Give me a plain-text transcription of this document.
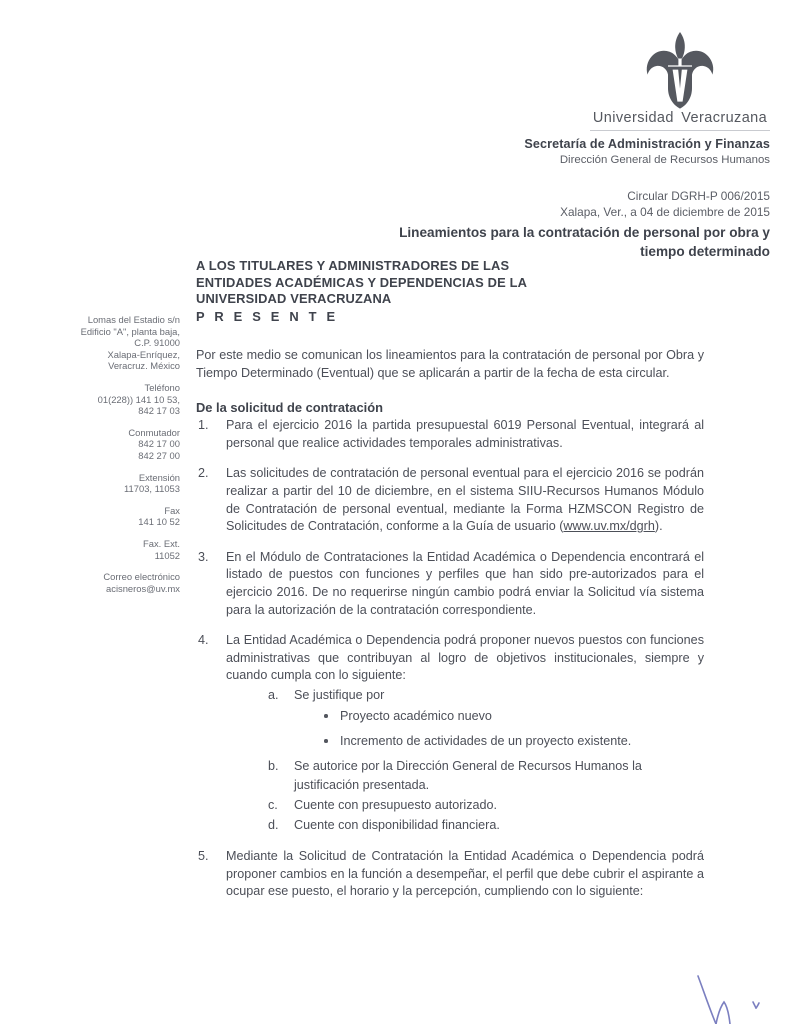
Universidad Veracruzana
Secretaría de Administración y Finanzas
Dirección General de Recursos Humanos
Circular DGRH-P 006/2015
Xalapa, Ver., a 04 de diciembre de 2015
Lineamientos para la contratación de personal por obra y
tiempo determinado
A LOS TITULARES Y ADMINISTRADORES DE LAS
ENTIDADES ACADÉMICAS Y DEPENDENCIAS DE LA
UNIVERSIDAD VERACRUZANA
P R E S E N T E
Lomas del Estadio s/n
Edificio "A", planta baja,
C.P. 91000
Xalapa-Enríquez,
Veracruz. México
Teléfono
01(228)) 141 10 53,
842 17 03
Conmutador
842 17 00
842 27 00
Extensión
11703, 11053
Fax
141 10 52
Fax. Ext.
11052
Correo electrónico
acisneros@uv.mx

Por este medio se comunican los lineamientos para la contratación de personal por Obra y Tiempo Determinado (Eventual) que se aplicarán a partir de la fecha de esta circular.

De la solicitud de contratación
1.	Para el ejercicio 2016 la partida presupuestal 6019 Personal Eventual, integrará al personal que realice actividades temporales administrativas.
2.	Las solicitudes de contratación de personal eventual para el ejercicio 2016 se podrán realizar a partir del 10 de diciembre, en el sistema SIIU-Recursos Humanos Módulo de Contratación de personal eventual, mediante la Forma HZMSCON Registro de Solicitudes de Contratación, conforme a la Guía de usuario (www.uv.mx/dgrh).
3.	En el Módulo de Contrataciones la Entidad Académica o Dependencia encontrará el listado de puestos con funciones y perfiles que han sido pre-autorizados para el ejercicio 2016. De no requerirse ningún cambio podrá enviar la Solicitud vía sistema para la autorización de la contratación correspondiente.
4.	La Entidad Académica o Dependencia podrá proponer nuevos puestos con funciones administrativas que contribuyan al logro de objetivos institucionales, siempre y cuando cumpla con lo siguiente:
a. Se justifique por
Proyecto académico nuevo
Incremento de actividades de un proyecto existente.
b. Se autorice por la Dirección General de Recursos Humanos la justificación presentada.
c. Cuente con presupuesto autorizado.
d. Cuente con disponibilidad financiera.
5.	Mediante la Solicitud de Contratación la Entidad Académica o Dependencia podrá proponer cambios en la función a desempeñar, el perfil que debe cubrir el aspirante a ocupar ese puesto, el horario y la percepción, cumpliendo con lo siguiente:
